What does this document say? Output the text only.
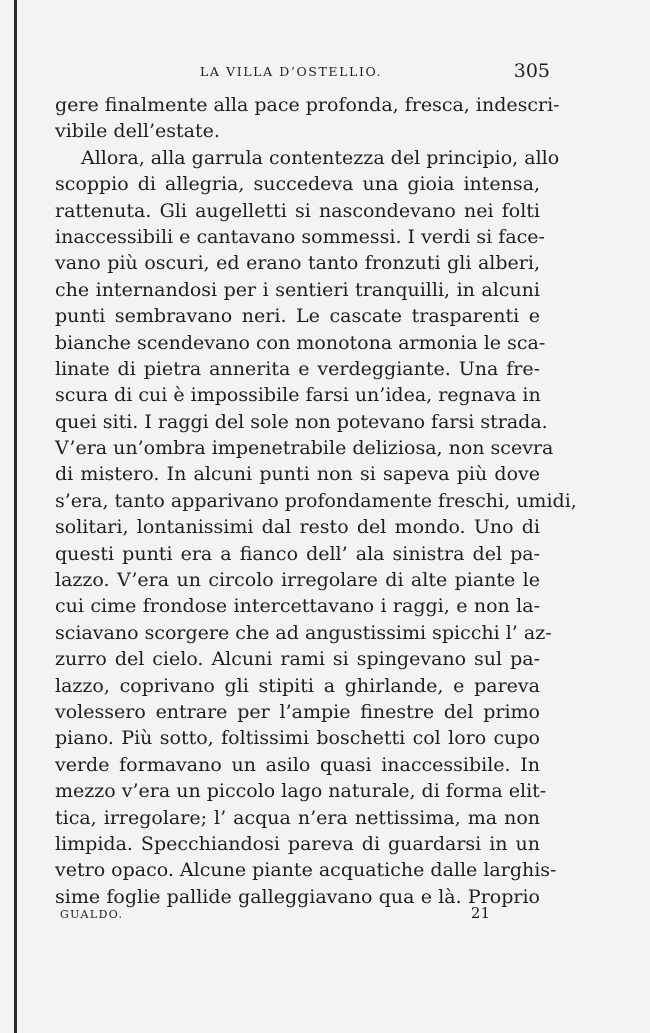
LA VILLA D’OSTELLIO.	305
gere finalmente alla pace profonda, fresca, indescri-
vibile dell’estate.
Allora, alla garrula contentezza del principio, allo
scoppio di allegria, succedeva una gioia intensa,
rattenuta. Gli augelletti si nascondevano nei folti
inaccessibili e cantavano sommessi. I verdi si face-
vano più oscuri, ed erano tanto fronzuti gli alberi,
che internandosi per i sentieri tranquilli, in alcuni
punti sembravano neri. Le cascate trasparenti e
bianche scendevano con monotona armonia le sca-
linate di pietra annerita e verdeggiante. Una fre-
scura di cui è impossibile farsi un’idea, regnava in
quei siti. I raggi del sole non potevano farsi strada.
V’era un’ombra impenetrabile deliziosa, non scevra
di mistero. In alcuni punti non si sapeva più dove
s’era, tanto apparivano profondamente freschi, umidi,
solitari, lontanissimi dal resto del mondo. Uno di
questi punti era a fianco dell’ ala sinistra del pa-
lazzo. V’era un circolo irregolare di alte piante le
cui cime frondose intercettavano i raggi, e non la-
sciavano scorgere che ad angustissimi spicchi l’ az-
zurro del cielo. Alcuni rami si spingevano sul pa-
lazzo, coprivano gli stipiti a ghirlande, e pareva
volessero entrare per l’ampie finestre del primo
piano. Più sotto, foltissimi boschetti col loro cupo
verde formavano un asilo quasi inaccessibile. In
mezzo v’era un piccolo lago naturale, di forma elit-
tica, irregolare; l’ acqua n’era nettissima, ma non
limpida. Specchiandosi pareva di guardarsi in un
vetro opaco. Alcune piante acquatiche dalle larghis-
sime foglie pallide galleggiavano qua e là. Proprio
GUALDO.	21
